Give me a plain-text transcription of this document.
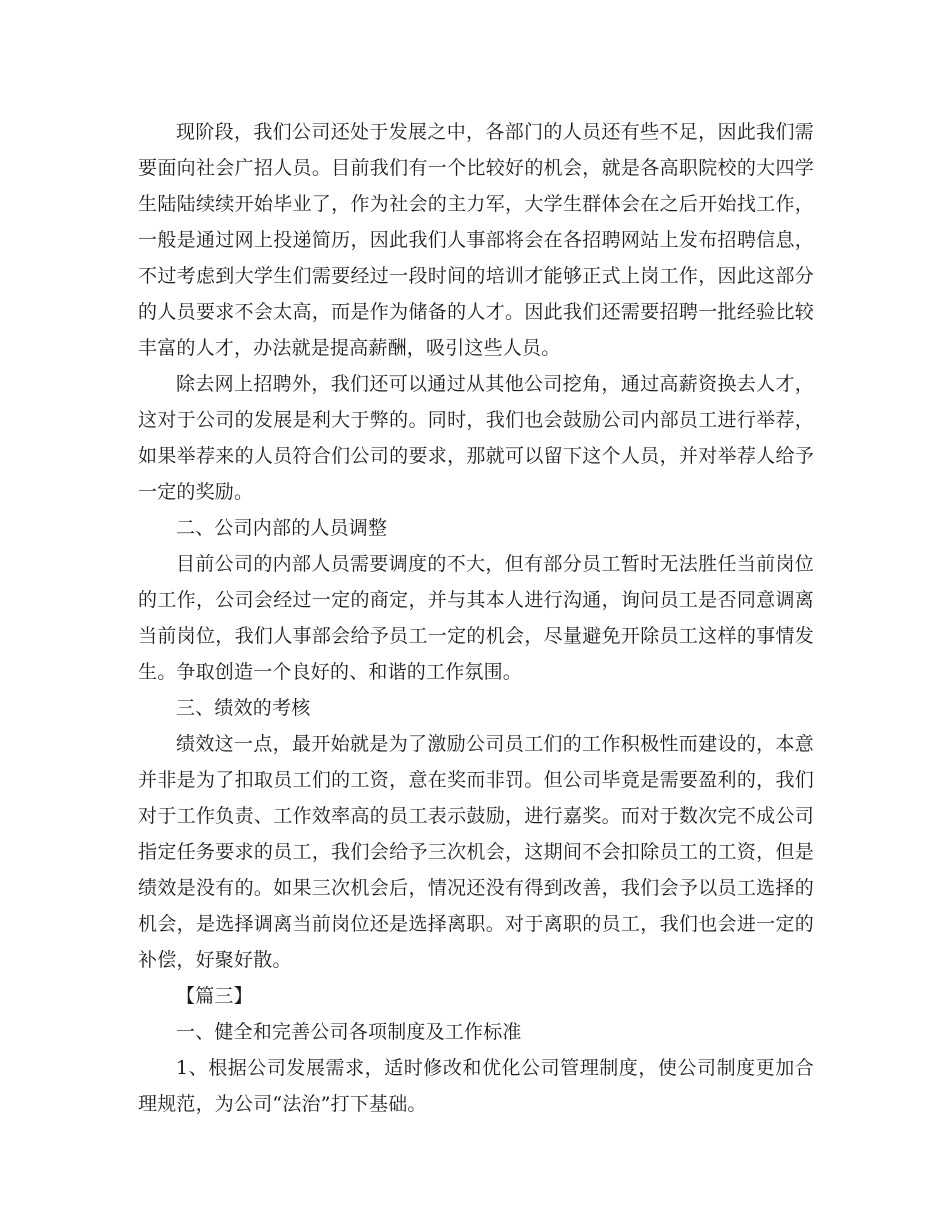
现阶段，我们公司还处于发展之中，各部门的人员还有些不足，因此我们需要面向社会广招人员。目前我们有一个比较好的机会，就是各高职院校的大四学生陆陆续续开始毕业了，作为社会的主力军，大学生群体会在之后开始找工作，一般是通过网上投递简历，因此我们人事部将会在各招聘网站上发布招聘信息，不过考虑到大学生们需要经过一段时间的培训才能够正式上岗工作，因此这部分的人员要求不会太高，而是作为储备的人才。因此我们还需要招聘一批经验比较丰富的人才，办法就是提高薪酬，吸引这些人员。

除去网上招聘外，我们还可以通过从其他公司挖角，通过高薪资换去人才，这对于公司的发展是利大于弊的。同时，我们也会鼓励公司内部员工进行举荐，如果举荐来的人员符合们公司的要求，那就可以留下这个人员，并对举荐人给予一定的奖励。

二、公司内部的人员调整

目前公司的内部人员需要调度的不大，但有部分员工暂时无法胜任当前岗位的工作，公司会经过一定的商定，并与其本人进行沟通，询问员工是否同意调离当前岗位，我们人事部会给予员工一定的机会，尽量避免开除员工这样的事情发生。争取创造一个良好的、和谐的工作氛围。

三、绩效的考核

绩效这一点，最开始就是为了激励公司员工们的工作积极性而建设的，本意并非是为了扣取员工们的工资，意在奖而非罚。但公司毕竟是需要盈利的，我们对于工作负责、工作效率高的员工表示鼓励，进行嘉奖。而对于数次完不成公司指定任务要求的员工，我们会给予三次机会，这期间不会扣除员工的工资，但是绩效是没有的。如果三次机会后，情况还没有得到改善，我们会予以员工选择的机会，是选择调离当前岗位还是选择离职。对于离职的员工，我们也会进一定的补偿，好聚好散。

【篇三】

一、健全和完善公司各项制度及工作标准

1、根据公司发展需求，适时修改和优化公司管理制度，使公司制度更加合理规范，为公司“法治”打下基础。
